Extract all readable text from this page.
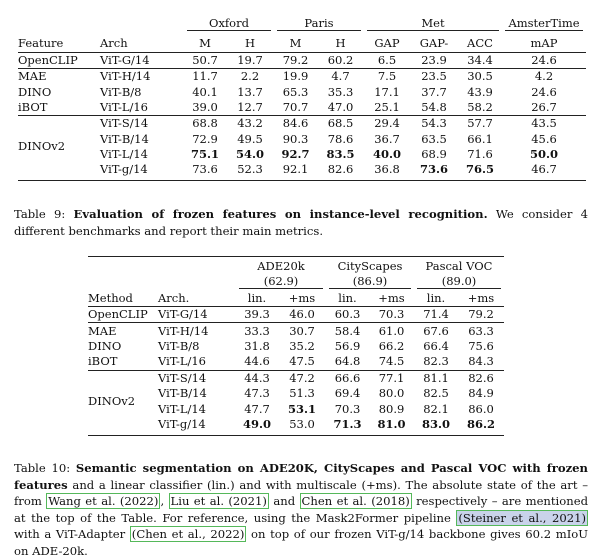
		Oxford		Paris		Met			AmsterTime

Feature	Arch	M	H	M	H	GAP	GAP-	ACC	mAP
OpenCLIP	ViT-G/14	50.7	19.7	79.2	60.2	6.5	23.9	34.4	24.6
MAE	ViT-H/14	11.7	2.2	19.9	4.7	7.5	23.5	30.5	4.2
DINO	ViT-B/8	40.1	13.7	65.3	35.3	17.1	37.7	43.9	24.6
iBOT	ViT-L/16	39.0	12.7	70.7	47.0	25.1	54.8	58.2	26.7
DINOv2	ViT-S/14	68.8	43.2	84.6	68.5	29.4	54.3	57.7	43.5
	ViT-B/14	72.9	49.5	90.3	78.6	36.7	63.5	66.1	45.6
	ViT-L/14	75.1	54.0	92.7	83.5	40.0	68.9	71.6	50.0
	ViT-g/14	73.6	52.3	92.1	82.6	36.8	73.6	76.5	46.7

Table 9: Evaluation of frozen features on instance-level recognition. We consider 4 different benchmarks and report their main metrics.

		ADE20k		CityScapes		Pascal VOC	

		(62.9)		(86.9)		(89.0)	

Method	Arch.	lin.	+ms	lin.	+ms	lin.	+ms
OpenCLIP	ViT-G/14	39.3	46.0	60.3	70.3	71.4	79.2
MAE	ViT-H/14	33.3	30.7	58.4	61.0	67.6	63.3
DINO	ViT-B/8	31.8	35.2	56.9	66.2	66.4	75.6
iBOT	ViT-L/16	44.6	47.5	64.8	74.5	82.3	84.3
DINOv2	ViT-S/14	44.3	47.2	66.6	77.1	81.1	82.6
	ViT-B/14	47.3	51.3	69.4	80.0	82.5	84.9
	ViT-L/14	47.7	53.1	70.3	80.9	82.1	86.0
	ViT-g/14	49.0	53.0	71.3	81.0	83.0	86.2

Table 10: Semantic segmentation on ADE20K, CityScapes and Pascal VOC with frozen features and a linear classifier (lin.) and with multiscale (+ms). The absolute state of the art – from Wang et al. (2022) , Liu et al. (2021) and Chen et al. (2018) respectively – are mentioned at the top of the Table. For reference, using the Mask2Former pipeline (Steiner et al., 2021) with a ViT-Adapter (Chen et al., 2022) on top of our frozen ViT-g/14 backbone gives 60.2 mIoU on ADE-20k.
